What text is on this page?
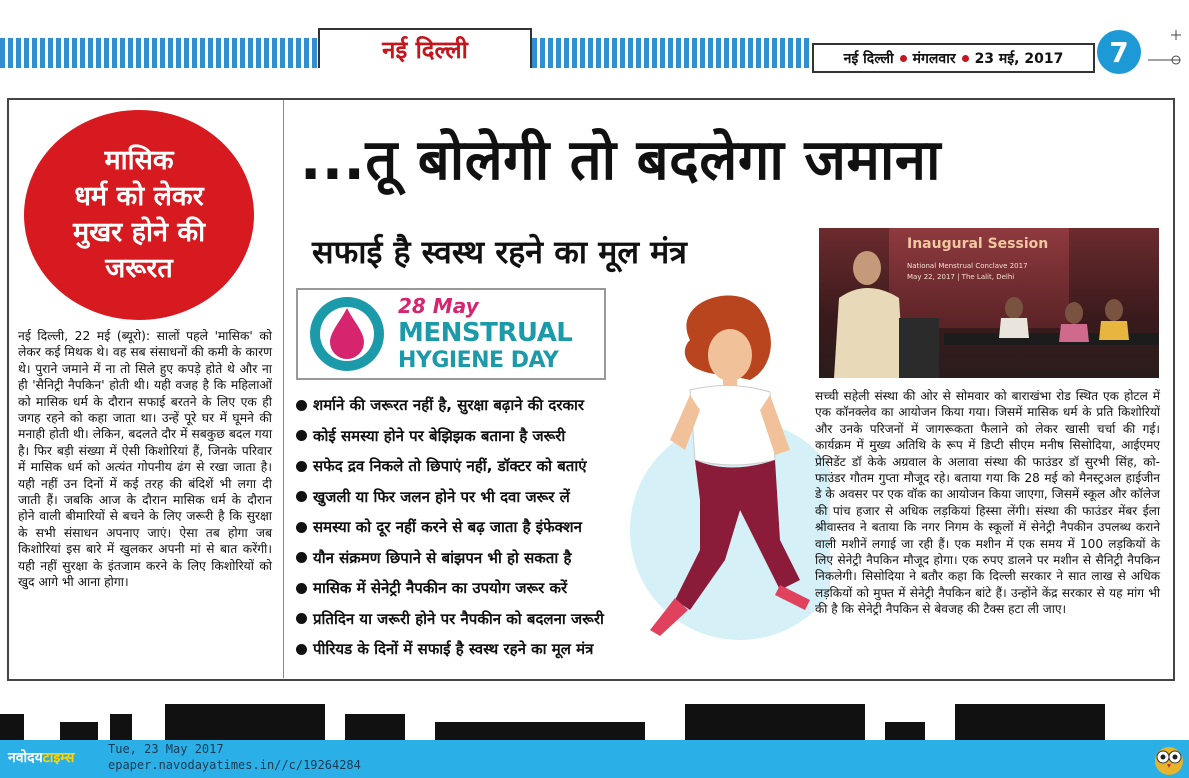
नई दिल्ली	नई दिल्ली मंगलवार 23 मई, 2017	7
मासिक
धर्म को लेकर
मुखर होने की
जरूरत
नई दिल्ली, 22 मई (ब्यूरो): सालों पहले 'मासिक' को लेकर कई मिथक थे। वह सब संसाधनों की कमी के कारण थे। पुराने जमाने में ना तो सिले हुए कपड़े होते थे और ना ही 'सैनिट्री नैपकिन' होती थी। यही वजह है कि महिलाओं को मासिक धर्म के दौरान सफाई बरतने के लिए एक ही जगह रहने को कहा जाता था। उन्हें पूरे घर में घूमने की मनाही होती थी। लेकिन, बदलते दौर में सबकुछ बदल गया है। फिर बड़ी संख्या में ऐसी किशोरियां हैं, जिनके परिवार में मासिक धर्म को अत्यंत गोपनीय ढंग से रखा जाता है। यही नहीं उन दिनों में कई तरह की बंदिशें भी लगा दी जाती हैं। जबकि आज के दौरान मासिक धर्म के दौरान होने वाली बीमारियों से बचने के लिए जरूरी है कि सुरक्षा के सभी संसाधन अपनाए जाएं। ऐसा तब होगा जब किशोरियां इस बारे में खुलकर अपनी मां से बात करेंगी। यही नहीं सुरक्षा के इंतजाम करने के लिए किशोरियों को खुद आगे भी आना होगा।
...तू बोलेगी तो बदलेगा जमाना
सफाई है स्वस्थ रहने का मूल मंत्र
28 May
MENSTRUAL
HYGIENE DAY
शर्माने की जरूरत नहीं है, सुरक्षा बढ़ाने की दरकार
कोई समस्या होने पर बेझिझक बताना है जरूरी
सफेद द्रव निकले तो छिपाएं नहीं, डॉक्टर को बताएं
खुजली या फिर जलन होने पर भी दवा जरूर लें
समस्या को दूर नहीं करने से बढ़ जाता है इंफेक्शन
यौन संक्रमण छिपाने से बांझपन भी हो सकता है
मासिक में सेनेट्री नैपकीन का उपयोग जरूर करें
प्रतिदिन या जरूरी होने पर नैपकीन को बदलना जरूरी
पीरियड के दिनों में सफाई है स्वस्थ रहने का मूल मंत्र
Inaugural Session
National Menstrual Conclave 2017
May 22, 2017 | The Lalit, Delhi
सच्ची सहेली संस्था की ओर से सोमवार को बाराखंभा रोड स्थित एक होटल में एक कॉनक्लेव का आयोजन किया गया। जिसमें मासिक धर्म के प्रति किशोरियों और उनके परिजनों में जागरूकता फैलाने को लेकर खासी चर्चा की गई। कार्यक्रम में मुख्य अतिथि के रूप में डिप्टी सीएम मनीष सिसोदिया, आईएमए प्रेसिडेंट डॉ केके अग्रवाल के अलावा संस्था की फाउंडर डॉ सुरभी सिंह, को-फाउंडर गौतम गुप्ता मौजूद रहे। बताया गया कि 28 मई को मैनस्ट्रअल हाईजीन डे के अवसर पर एक वॉक का आयोजन किया जाएगा, जिसमें स्कूल और कॉलेज की पांच हजार से अधिक लड़कियां हिस्सा लेंगी। संस्था की फाउंडर मेंबर ईला श्रीवास्तव ने बताया कि नगर निगम के स्कूलों में सेनेट्री नैपकीन उपलब्ध कराने वाली मशीनें लगाई जा रही हैं। एक मशीन में एक समय में 100 लड़कियों के लिए सेनेट्री नैपकिन मौजूद होगा। एक रुपए डालने पर मशीन से सैनिट्री नैपकिन निकलेगी। सिसोदिया ने बतौर कहा कि दिल्ली सरकार ने सात लाख से अधिक लड़कियों को मुफ्त में सेनेट्री नैपकिन बांटे हैं। उन्होंने केंद्र सरकार से यह मांग भी की है कि सेनेट्री नैपकिन से बेवजह की टैक्स हटा ली जाए।
नवोदयटाइम्स
Tue, 23 May 2017
epaper.navodayatimes.in//c/19264284
